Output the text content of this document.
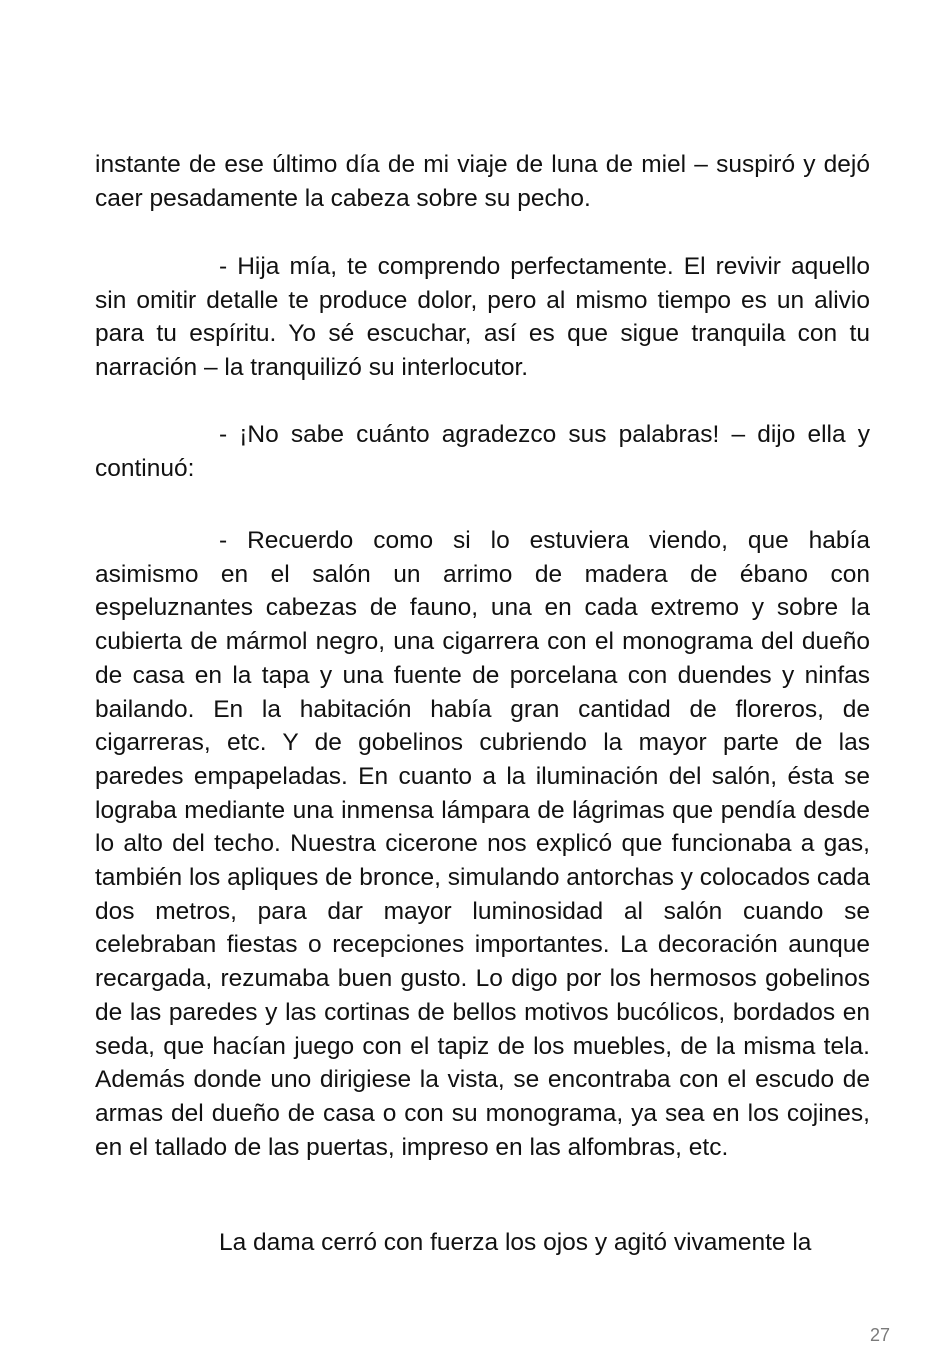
instante de ese último día de mi viaje de luna de miel – suspiró y dejó caer pesadamente la cabeza sobre su pecho.

- Hija mía, te comprendo perfectamente. El revivir aquello sin omitir detalle te produce dolor, pero al mismo tiempo es un alivio para tu espíritu. Yo sé escuchar, así es que sigue tranquila con tu narración – la tranquilizó su interlocutor.

- ¡No sabe cuánto agradezco sus palabras! – dijo ella y continuó:

- Recuerdo como si lo estuviera viendo, que había asimismo en el salón un arrimo de madera de ébano con espeluznantes cabezas de fauno, una en cada extremo y sobre la cubierta de mármol negro, una cigarrera con el monograma del dueño de casa en la tapa y una fuente de porcelana con duendes y ninfas bailando. En la habitación había gran cantidad de floreros, de cigarreras, etc. Y de gobelinos cubriendo la mayor parte de las paredes empapeladas. En cuanto a la iluminación del salón, ésta se lograba mediante una inmensa lámpara de lágrimas que pendía desde lo alto del techo. Nuestra cicerone nos explicó que funcionaba a gas, también los apliques de bronce, simulando antorchas y colocados cada dos metros, para dar mayor luminosidad al salón cuando se celebraban fiestas o recepciones importantes. La decoración aunque recargada, rezumaba buen gusto. Lo digo por los hermosos gobelinos de las paredes y las cortinas de bellos motivos bucólicos, bordados en seda, que hacían juego con el tapiz de los muebles, de la misma tela. Además donde uno dirigiese la vista, se encontraba con el escudo de armas del dueño de casa o con su monograma, ya sea en los cojines, en el tallado de las puertas, impreso en las alfombras, etc.

La dama cerró con fuerza los ojos y agitó vivamente la

27
